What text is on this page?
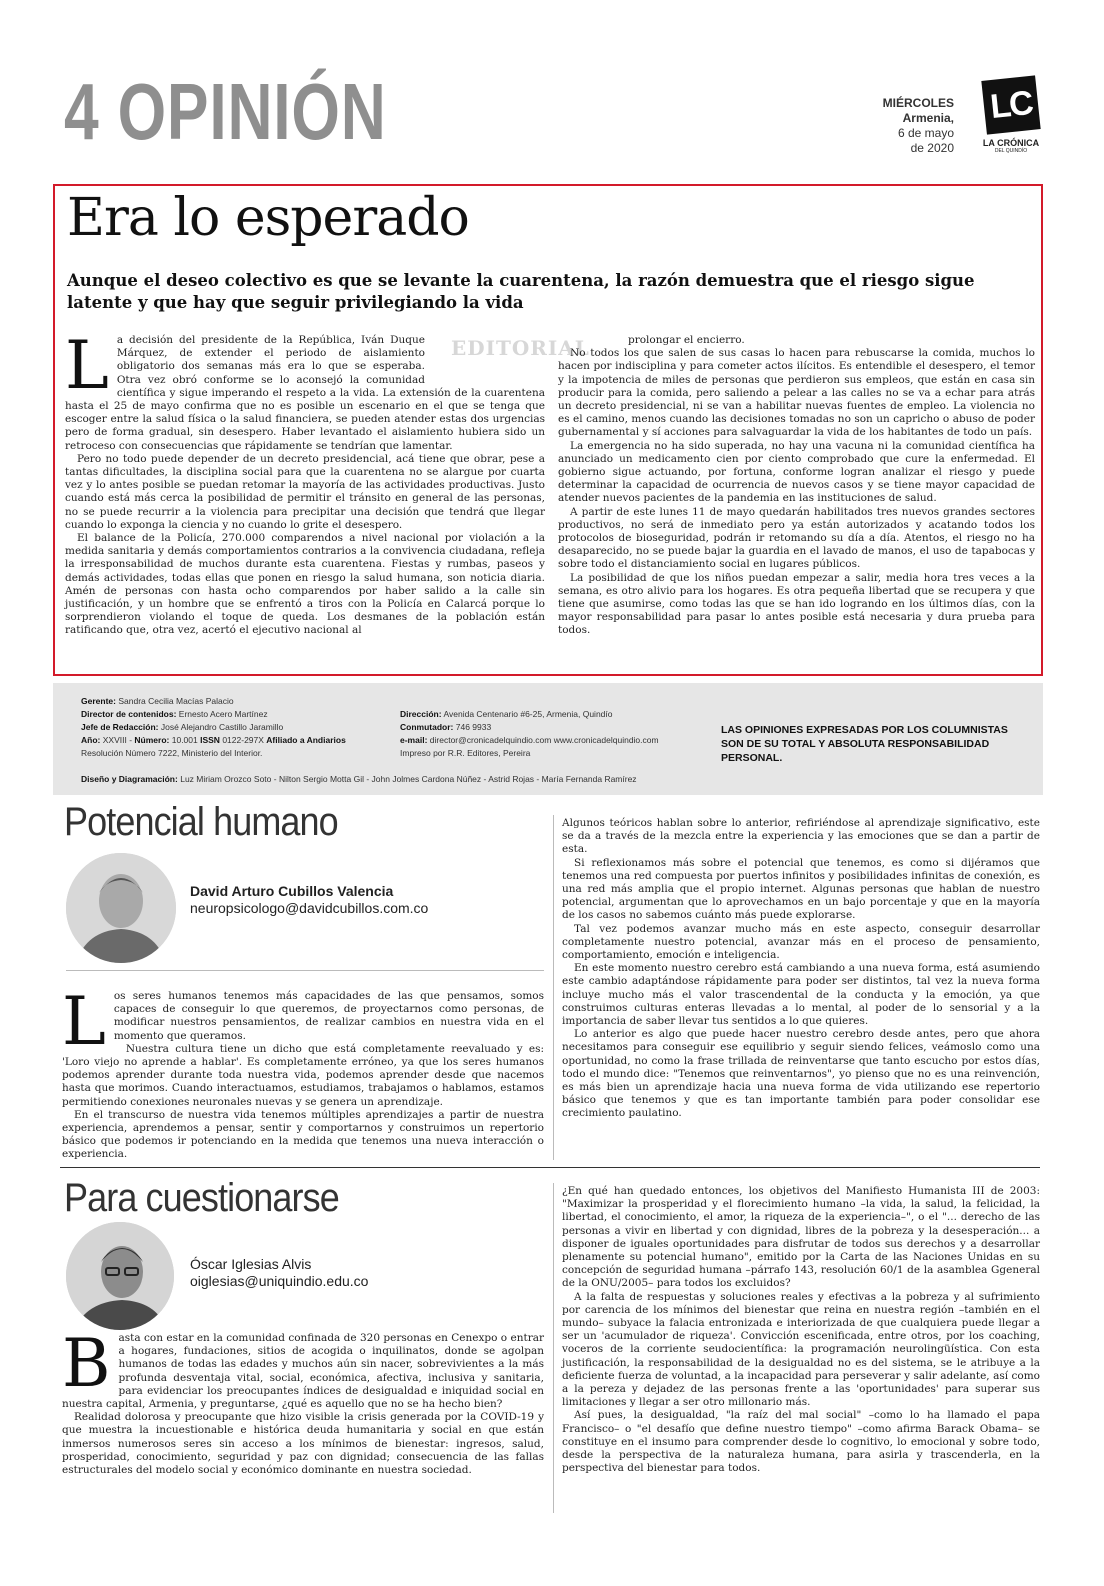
4 OPINIÓN	MIÉRCOLES
Armenia,
6 de mayo
de 2020
LC
LA CRÓNICA
DEL QUINDÍO
Era lo esperado
Aunque el deseo colectivo es que se levante la cuarentena, la razón demuestra que el riesgo sigue latente y que hay que seguir privilegiando la vida
EDITORIAL
L a decisión del presidente de la República, Iván Duque Márquez, de extender el periodo de aislamiento obligatorio dos semanas más era lo que se esperaba. Otra vez obró conforme se lo aconsejó la comunidad científica y sigue imperando el respeto a la vida. La extensión de la cuarentena hasta el 25 de mayo confirma que no es posible un escenario en el que se tenga que escoger entre la salud física o la salud financiera, se pueden atender estas dos urgencias pero de forma gradual, sin desespero. Haber levantado el aislamiento hubiera sido un retroceso con consecuencias que rápidamente se tendrían que lamentar.

Pero no todo puede depender de un decreto presidencial, acá tiene que obrar, pese a tantas dificultades, la disciplina social para que la cuarentena no se alargue por cuarta vez y lo antes posible se puedan retomar la mayoría de las actividades productivas. Justo cuando está más cerca la posibilidad de permitir el tránsito en general de las personas, no se puede recurrir a la violencia para precipitar una decisión que tendrá que llegar cuando lo exponga la ciencia y no cuando lo grite el desespero.

El balance de la Policía, 270.000 comparendos a nivel nacional por violación a la medida sanitaria y demás comportamientos contrarios a la convivencia ciudadana, refleja la irresponsabilidad de muchos durante esta cuarentena. Fiestas y rumbas, paseos y demás actividades, todas ellas que ponen en riesgo la salud humana, son noticia diaria. Amén de personas con hasta ocho comparendos por haber salido a la calle sin justificación, y un hombre que se enfrentó a tiros con la Policía en Calarcá porque lo sorprendieron violando el toque de queda. Los desmanes de la población están ratificando que, otra vez, acertó el ejecutivo nacional al

prolongar el encierro.

No todos los que salen de sus casas lo hacen para rebuscarse la comida, muchos lo hacen por indisciplina y para cometer actos ilícitos. Es entendible el desespero, el temor y la impotencia de miles de personas que perdieron sus empleos, que están en casa sin producir para la comida, pero saliendo a pelear a las calles no se va a echar para atrás un decreto presidencial, ni se van a habilitar nuevas fuentes de empleo. La violencia no es el camino, menos cuando las decisiones tomadas no son un capricho o abuso de poder gubernamental y sí acciones para salvaguardar la vida de los habitantes de todo un país.

La emergencia no ha sido superada, no hay una vacuna ni la comunidad científica ha anunciado un medicamento cien por ciento comprobado que cure la enfermedad. El gobierno sigue actuando, por fortuna, conforme logran analizar el riesgo y puede determinar la capacidad de ocurrencia de nuevos casos y se tiene mayor capacidad de atender nuevos pacientes de la pandemia en las instituciones de salud.

A partir de este lunes 11 de mayo quedarán habilitados tres nuevos grandes sectores productivos, no será de inmediato pero ya están autorizados y acatando todos los protocolos de bioseguridad, podrán ir retomando su día a día. Atentos, el riesgo no ha desaparecido, no se puede bajar la guardia en el lavado de manos, el uso de tapabocas y sobre todo el distanciamiento social en lugares públicos.

La posibilidad de que los niños puedan empezar a salir, media hora tres veces a la semana, es otro alivio para los hogares. Es otra pequeña libertad que se recupera y que tiene que asumirse, como todas las que se han ido logrando en los últimos días, con la mayor responsabilidad para pasar lo antes posible está necesaria y dura prueba para todos.

Gerente: Sandra Cecilia Macías Palacio
Director de contenidos: Ernesto Acero Martínez
Jefe de Redacción: José Alejandro Castillo Jaramillo
Año: XXVIII - Número: 10.001 ISSN 0122-297X Afiliado a Andiarios
Resolución Número 7222, Ministerio del Interior.
Diseño y Diagramación: Luz Miriam Orozco Soto - Nilton Sergio Motta Gil - John Jolmes Cardona Núñez - Astrid Rojas - María Fernanda Ramírez
Dirección: Avenida Centenario #6-25, Armenia, Quindío
Conmutador: 746 9933
e-mail: director@cronicadelquindio.com www.cronicadelquindio.com
Impreso por R.R. Editores, Pereira
LAS OPINIONES EXPRESADAS POR LOS COLUMNISTAS SON DE SU TOTAL Y ABSOLUTA RESPONSABILIDAD PERSONAL.
Potencial humano
David Arturo Cubillos Valencia
neuropsicologo@davidcubillos.com.co
L os seres humanos tenemos más capacidades de las que pensamos, somos capaces de conseguir lo que queremos, de proyectarnos como personas, de modificar nuestros pensamientos, de realizar cambios en nuestra vida en el momento que queramos.

Nuestra cultura tiene un dicho que está completamente reevaluado y es: 'Loro viejo no aprende a hablar'. Es completamente erróneo, ya que los seres humanos podemos aprender durante toda nuestra vida, podemos aprender desde que nacemos hasta que morimos. Cuando interactuamos, estudiamos, trabajamos o hablamos, estamos permitiendo conexiones neuronales nuevas y se genera un aprendizaje.

En el transcurso de nuestra vida tenemos múltiples aprendizajes a partir de nuestra experiencia, aprendemos a pensar, sentir y comportarnos y construimos un repertorio básico que podemos ir potenciando en la medida que tenemos una nueva interacción o experiencia.

Algunos teóricos hablan sobre lo anterior, refiriéndose al aprendizaje significativo, este se da a través de la mezcla entre la experiencia y las emociones que se dan a partir de esta.

Si reflexionamos más sobre el potencial que tenemos, es como si dijéramos que tenemos una red compuesta por puertos infinitos y posibilidades infinitas de conexión, es una red más amplia que el propio internet. Algunas personas que hablan de nuestro potencial, argumentan que lo aprovechamos en un bajo porcentaje y que en la mayoría de los casos no sabemos cuánto más puede explorarse.

Tal vez podemos avanzar mucho más en este aspecto, conseguir desarrollar completamente nuestro potencial, avanzar más en el proceso de pensamiento, comportamiento, emoción e inteligencia.

En este momento nuestro cerebro está cambiando a una nueva forma, está asumiendo este cambio adaptándose rápidamente para poder ser distintos, tal vez la nueva forma incluye mucho más el valor trascendental de la conducta y la emoción, ya que construimos culturas enteras llevadas a lo mental, al poder de lo sensorial y a la importancia de saber llevar tus sentidos a lo que quieres.

Lo anterior es algo que puede hacer nuestro cerebro desde antes, pero que ahora necesitamos para conseguir ese equilibrio y seguir siendo felices, veámoslo como una oportunidad, no como la frase trillada de reinventarse que tanto escucho por estos días, todo el mundo dice: "Tenemos que reinventarnos", yo pienso que no es una reinvención, es más bien un aprendizaje hacia una nueva forma de vida utilizando ese repertorio básico que tenemos y que es tan importante también para poder consolidar ese crecimiento paulatino.

Para cuestionarse
Óscar Iglesias Alvis
oiglesias@uniquindio.edu.co
B asta con estar en la comunidad confinada de 320 personas en Cenexpo o entrar a hogares, fundaciones, sitios de acogida o inquilinatos, donde se agolpan humanos de todas las edades y muchos aún sin nacer, sobrevivientes a la más profunda desventaja vital, social, económica, afectiva, inclusiva y sanitaria, para evidenciar los preocupantes índices de desigualdad e iniquidad social en nuestra capital, Armenia, y preguntarse, ¿qué es aquello que no se ha hecho bien?

Realidad dolorosa y preocupante que hizo visible la crisis generada por la COVID-19 y que muestra la incuestionable e histórica deuda humanitaria y social en que están inmersos numerosos seres sin acceso a los mínimos de bienestar: ingresos, salud, prosperidad, conocimiento, seguridad y paz con dignidad; consecuencia de las fallas estructurales del modelo social y económico dominante en nuestra sociedad.

¿En qué han quedado entonces, los objetivos del Manifiesto Humanista III de 2003: "Maximizar la prosperidad y el florecimiento humano –la vida, la salud, la felicidad, la libertad, el conocimiento, el amor, la riqueza de la experiencia–", o el "... derecho de las personas a vivir en libertad y con dignidad, libres de la pobreza y la desesperación... a disponer de iguales oportunidades para disfrutar de todos sus derechos y a desarrollar plenamente su potencial humano", emitido por la Carta de las Naciones Unidas en su concepción de seguridad humana –párrafo 143, resolución 60/1 de la asamblea Ggeneral de la ONU/2005– para todos los excluidos?

A la falta de respuestas y soluciones reales y efectivas a la pobreza y al sufrimiento por carencia de los mínimos del bienestar que reina en nuestra región –también en el mundo– subyace la falacia entronizada e interiorizada de que cualquiera puede llegar a ser un 'acumulador de riqueza'. Convicción escenificada, entre otros, por los coaching, voceros de la corriente seudocientífica: la programación neurolingüística. Con esta justificación, la responsabilidad de la desigualdad no es del sistema, se le atribuye a la deficiente fuerza de voluntad, a la incapacidad para perseverar y salir adelante, así como a la pereza y dejadez de las personas frente a las 'oportunidades' para superar sus limitaciones y llegar a ser otro millonario más.

Así pues, la desigualdad, "la raíz del mal social" –como lo ha llamado el papa Francisco– o "el desafío que define nuestro tiempo" –como afirma Barack Obama– se constituye en el insumo para comprender desde lo cognitivo, lo emocional y sobre todo, desde la perspectiva de la naturaleza humana, para asirla y trascenderla, en la perspectiva del bienestar para todos.
